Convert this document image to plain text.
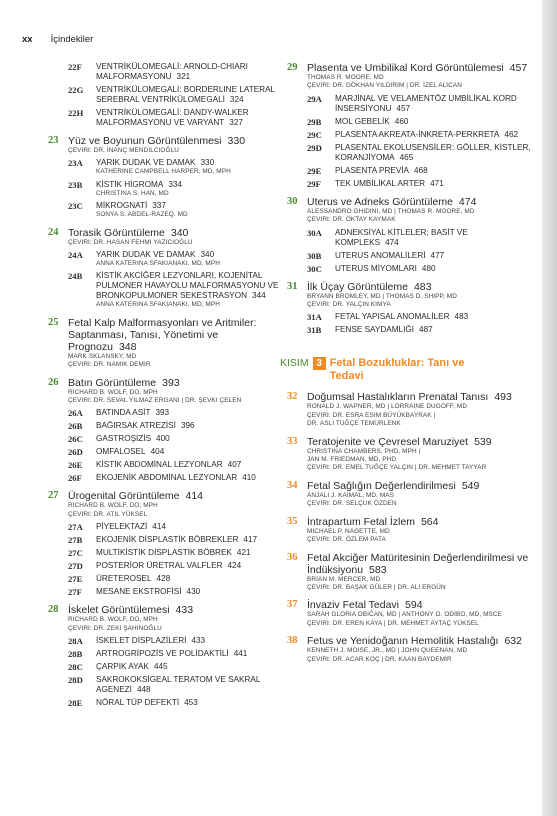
xx İçindekiler
22F	VENTRİKÜLOMEGALİ: ARNOLD-CHIARI MALFORMASYONU 321
22G	VENTRİKÜLOMEGALİ: BORDERLINE LATERAL SEREBRAL VENTRİKÜLOMEGALİ 324
22H	VENTRİKÜLOMEGALİ: DANDY-WALKER MALFORMASYONU VE VARYANT 327
23 Yüz ve Boyunun Görüntülenmesi 330
ÇEVIRI: DR. İNANÇ MENDILCIOĞLU
23A	YARIK DUDAK VE DAMAK 330
KATHERINE CAMPBELL HARPER, MD, MPH
23B	KİSTİK HİGROMA 334
CHRISTINA S. HAN, MD
23C	MİKROGNATİ 337
SONYA S. ABDEL-RAZEQ, MD
24 Torasik Görüntüleme 340
ÇEVIRI: DR. HASAN FEHMI YAZICIOĞLU
24A	YARIK DUDAK VE DAMAK 340
ANNA KATERINA SFAKIANAKI, MD, MPH
24B	KİSTİK AKCİĞER LEZYONLARI, KOJENİTAL PULMONER HAVAYOLU MALFORMASYONU VE BRONKOPULMONER SEKESTRASYON 344
ANNA KATERINA SFAKIANAKI, MD, MPH
25 Fetal Kalp Malformasyonları ve Aritmiler: Saptanması, Tanısı, Yönetimi ve Prognozu 348
MARK SKLANSKY, MD
ÇEVIRI: DR. NAMIK DEMIR
26 Batın Görüntüleme 393
RICHARD B. WOLF, DO, MPH
ÇEVIRI: DR. SEVAL YILMAZ ERGANI | DR. ŞEVKI ÇELEN
26A	BATINDA ASİT 393
26B	BAĞIRSAK ATREZİSİ 396
26C	GASTROŞİZİS 400
26D	OMFALOSEL 404
26E	KİSTİK ABDOMİNAL LEZYONLAR 407
26F	EKOJENİK ABDOMİNAL LEZYONLAR 410
27 Ürogenital Görüntüleme 414
RICHARD B. WOLF, DO, MPH
ÇEVIRI: DR. ATIL YÜKSEL
27A	PİYELEKTAZİ 414
27B	EKOJENİK DİSPLASTİK BÖBREKLER 417
27C	MULTİKİSTİK DİSPLASTİK BÖBREK 421
27D	POSTERİOR ÜRETRAL VALFLER 424
27E	ÜRETEROSEL 428
27F	MESANE EKSTROFİSİ 430
28 İskelet Görüntülemesi 433
RICHARD B. WOLF, DO, MPH
ÇEVIRI: DR. ZEKI ŞAHINOĞLU
28A	İSKELET DİSPLAZİLERİ 433
28B	ARTROGRİPOZİS VE POLİDAKTİLİ 441
28C	ÇARPIK AYAK 445
28D	SAKROKOKSİGEAL TERATOM VE SAKRAL AGENEZİ 448
28E	NÖRAL TÜP DEFEKTİ 453
29 Plasenta ve Umbilikal Kord Görüntülemesi 457
THOMAS R. MOORE, MD
ÇEVIRI: DR. GÖKHAN YILDIRIM | DR. İZEL ALICAN
29A	MARJİNAL VE VELAMENTÖZ UMBİLİKAL KORD İNSERSİYONU 457
29B	MOL GEBELİK 460
29C	PLASENTA AKREATA-İNKRETA-PERKRETA 462
29D	PLASENTAL EKOLUSENSİLER: GÖLLER, KİSTLER, KORANJİYOMA 465
29E	PLASENTA PREVİA 468
29F	TEK UMBİLİKAL ARTER 471
30 Uterus ve Adneks Görüntüleme 474
ALESSANDRO GHIDINI, MD | THOMAS R. MOORE, MD
ÇEVIRI: DR. OKTAY KAYMAK
30A	ADNEKSİYAL KİTLELER; BASİT VE KOMPLEKS 474
30B	UTERUS ANOMALİLERİ 477
30C	UTERUS MİYOMLARI 480
31 İlk Üçay Görüntüleme 483
BRYANN BROMLEY, MD | THOMAS D. SHIPP, MD
ÇEVIRI: DR. YALÇIN KIMYA
31A	FETAL YAPISAL ANOMALİLER 483
31B	FENSE SAYDAMLIĞI 487
KISIM 3 Fetal Bozukluklar: Tanı ve Tedavi
32 Doğumsal Hastalıkların Prenatal Tanısı 493
RONALD J. WAPNER, MD | LORRAINE DUGOFF, MD
ÇEVIRI: DR. ESRA ESIM BÜYÜKBAYRAK |
DR. ASLI TUĞÇE TEMÜRLENK
33 Teratojenite ve Çevresel Maruziyet 539
CHRISTINA CHAMBERS, PHD, MPH |
JAN M. FRIEDMAN, MD, PHD
ÇEVIRI: DR. EMEL TUĞÇE YALÇIN | DR. MEHMET TAYYAR
34 Fetal Sağlığın Değerlendirilmesi 549
ANJALI J. KAIMAL, MD, MAS
ÇEVIRI: DR. SELÇUK ÖZDEN
35 İntrapartum Fetal İzlem 564
MICHAEL P. NAGETTE, MD
ÇEVIRI: DR. ÖZLEM PATA
36 Fetal Akciğer Matüritesinin Değerlendirilmesi ve İndüksiyonu 583
BRIAN M. MERCER, MD
ÇEVIRI: DR. BAŞAK GÜLER | DR. ALI ERGÜN
37 İnvaziv Fetal Tedavi 594
SARAH GLORIA OBIČAN, MD | ANTHONY O. ODIBO, MD, MSCE
ÇEVIRI: DR. EREN KAYA | DR. MEHMET AYTAÇ YÜKSEL
38 Fetus ve Yenidoğanın Hemolitik Hastalığı 632
KENNETH J. MOISE, JR., MD | JOHN QUEENAN, MD
ÇEVIRI: DR. ACAR KOÇ | DR. KAAN BAYDEMIR
